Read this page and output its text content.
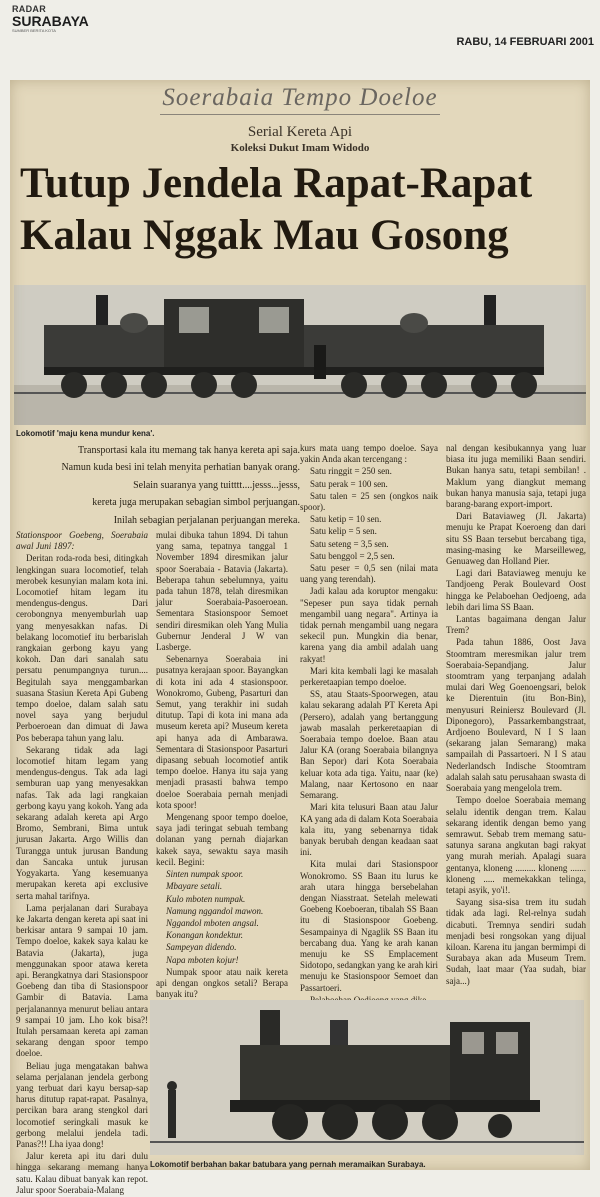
RADAR
SURABAYA
SUMBER BERITA KOTA
RABU, 14 FEBRUARI 2001
Soerabaia Tempo Doeloe
Serial Kereta Api
Koleksi Dukut Imam Widodo
Tutup Jendela Rapat-Rapat
Kalau Nggak Mau Gosong
Lokomotif 'maju kena mundur kena'.

Transportasi kala itu memang tak hanya kereta api saja.

Namun kuda besi ini telah menyita perhatian banyak orang.

Selain suaranya yang tuitttt....jesss...jesss,

kereta juga merupakan sebagian simbol perjuangan.

Inilah sebagian perjalanan perjuangan mereka.

Stationspoor Goebeng, Soerabaia awal Juni 1897:

Deritan roda-roda besi, ditingkah lengkingan suara locomotief, telah merobek kesunyian malam kota ini. Locomotief hitam legam itu mendengus-dengus. Dari cerobongnya menyemburlah uap yang menyesakkan nafas. Di belakang locomotief itu berbarislah rangkaian gerbong kayu yang kokoh. Dan dari sanalah satu persatu penumpangnya turun.... Begitulah saya menggambarkan suasana Stasiun Kereta Api Gubeng tempo doeloe, dalam salah satu novel saya yang berjudul Perboeroean dan dimuat di Jawa Pos beberapa tahun yang lalu.

Sekarang tidak ada lagi locomotief hitam legam yang mendengus-dengus. Tak ada lagi semburan uap yang menyesakkan nafas. Tak ada lagi rangkaian gerbong kayu yang kokoh. Yang ada sekarang adalah kereta api Argo Bromo, Sembrani, Bima untuk jurusan Jakarta. Argo Willis dan Turangga untuk jurusan Bandung dan Sancaka untuk jurusan Yogyakarta. Yang kesemuanya merupakan kereta api exclusive serta mahal tarifnya.

Lama perjalanan dari Surabaya ke Jakarta dengan kereta api saat ini berkisar antara 9 sampai 10 jam. Tempo doeloe, kakek saya kalau ke Batavia (Jakarta), juga menggunakan spoor atawa kereta api. Berangkatnya dari Stasionspoor Goebeng dan tiba di Stasionspoor Gambir di Batavia. Lama perjalanannya menurut beliau antara 9 sampai 10 jam. Lho kok bisa?! Itulah persamaan kereta api zaman sekarang dengan spoor tempo doeloe.

Beliau juga mengatakan bahwa selama perjalanan jendela gerbong yang terbuat dari kayu bersap-sap harus ditutup rapat-rapat. Pasalnya, percikan bara arang stengkol dari locomotief seringkali masuk ke gerbong melalui jendela tadi. Panas?!! Lha iyaa dong!

Jalur kereta api itu dari dulu hingga sekarang memang hanya satu. Kalau dibuat banyak kan repot. Jalur spoor Soerabaia-Malang

mulai dibuka tahun 1894. Di tahun yang sama, tepatnya tanggal 1 November 1894 diresmikan jalur spoor Soerabaia - Batavia (Jakarta). Beberapa tahun sebelumnya, yaitu pada tahun 1878, telah diresmikan jalur Soerabaia-Pasoeroean. Sementara Stasionspoor Semoet sendiri diresmikan oleh Yang Mulia Gubernur Jenderal J W van Lasberge.

Sebenarnya Soerabaia ini pusatnya kerajaan spoor. Bayangkan di kota ini ada 4 stasionspoor. Wonokromo, Gubeng, Pasarturi dan Semut, yang terakhir ini sudah ditutup. Tapi di kota ini mana ada museum kereta api? Museum kereta api hanya ada di Ambarawa. Sementara di Stasionspoor Pasarturi dipasang sebuah locomotief antik tempo doeloe. Hanya itu saja yang menjadi prasasti bahwa tempo doeloe Soerabaia pernah menjadi kota spoor!

Mengenang spoor tempo doeloe, saya jadi teringat sebuah tembang dolanan yang pernah diajarkan kakek saya, sewaktu saya masih kecil. Begini:

Sinten numpak spoor.

Mbayare setali.

Kulo mboten numpak.

Namung nggandol mawon.

Nggandol mboten angsal.

Konangan kondektur.

Sampeyan didendo.

Napa mboten kojur!

Numpak spoor atau naik kereta api dengan ongkos setali? Berapa banyak itu?

kurs mata uang tempo doeloe. Saya yakin Anda akan tercengang :

Satu ringgit = 250 sen.

Satu perak = 100 sen.

Satu talen = 25 sen (ongkos naik spoor).

Satu ketip = 10 sen.

Satu kelip = 5 sen.

Satu seteng = 3,5 sen.

Satu benggol = 2,5 sen.

Satu peser = 0,5 sen (nilai mata uang yang terendah).

Jadi kalau ada koruptor mengaku: "Sepeser pun saya tidak pernah mengambil uang negara". Artinya ia tidak pernah mengambil uang negara sekecil pun. Mungkin dia benar, karena yang dia ambil adalah uang rakyat!

Mari kita kembali lagi ke masalah perkeretaapian tempo doeloe.

SS, atau Staats-Spoorwegen, atau kalau sekarang adalah PT Kereta Api (Persero), adalah yang bertanggung jawab masalah perkeretaapian di Soerabaia tempo doeloe. Baan atau Jalur KA (orang Soerabaia bilangnya Ban Sepor) dari Kota Soerabaia keluar kota ada tiga. Yaitu, naar (ke) Malang, naar Kertosono en naar Semarang.

Mari kita telusuri Baan atau Jalur KA yang ada di dalam Kota Soerabaia kala itu, yang sebenarnya tidak banyak berubah dengan keadaan saat ini.

Kita mulai dari Stasionspoor Wonokromo. SS Baan itu lurus ke arah utara hingga bersebelahan dengan Niasstraat. Setelah melewati Goebeng Koeboeran, tibalah SS Baan itu di Stasionspoor Goebeng. Sesampainya di Ngaglik SS Baan itu bercabang dua. Yang ke arah kanan menuju ke SS Emplacement Sidotopo, sedangkan yang ke arah kiri menuju ke Stasionspoor Semoet dan Passartoeri.

nal dengan kesibukannya yang luar biasa itu juga memiliki Baan sendiri. Bukan hanya satu, tetapi sembilan! . Maklum yang diangkut memang bukan hanya manusia saja, tetapi juga barang-barang export-import.

Dari Bataviaweg (Jl. Jakarta) menuju ke Prapat Koeroeng dan dari situ SS Baan tersebut bercabang tiga, masing-masing ke Marseilleweg, Genuaweg dan Holland Pier.

Lagi dari Bataviaweg menuju ke Tandjoeng Perak Boulevard Oost hingga ke Pelaboehan Oedjoeng, ada lebih dari lima SS Baan.

Lantas bagaimana dengan Jalur Trem?

Pada tahun 1886, Oost Java Stoomtram meresmikan jalur trem Soerabaia-Sepandjang. Jalur stoomtram yang terpanjang adalah mulai dari Weg Goenoengsari, belok ke Dierentuin (itu Bon-Bin), menyusuri Reiniersz Boulevard (Jl. Diponegoro), Passarkembangstraat, Ardjoeno Boulevard, N I S laan (sekarang jalan Semarang) maka sampailah di Passartoeri. N I S atau Nederlandsch Indische Stoomtram adalah salah satu perusahaan swasta di Soerabaia yang mengelola trem.

Tempo doeloe Soerabaia memang selalu identik dengan trem. Kalau sekarang identik dengan bemo yang semrawut. Sebab trem memang satu-satunya sarana angkutan bagi rakyat yang murah meriah. Apalagi suara gentanya, kloneng ......... kloneng ....... kloneng ..... memekakkan telinga, tetapi asyik, yo'i!.

Sayang sisa-sisa trem itu sudah tidak ada lagi. Rel-relnya sudah dicabuti. Tremnya sendiri sudah menjadi besi rongsokan yang dijual kiloan. Karena itu jangan bermimpi di Surabaya akan ada Museum Trem. Sudah, laat maar (Yaa sudah, biar saja...)

Lokomotif berbahan bakar batubara yang pernah meramaikan Surabaya.
